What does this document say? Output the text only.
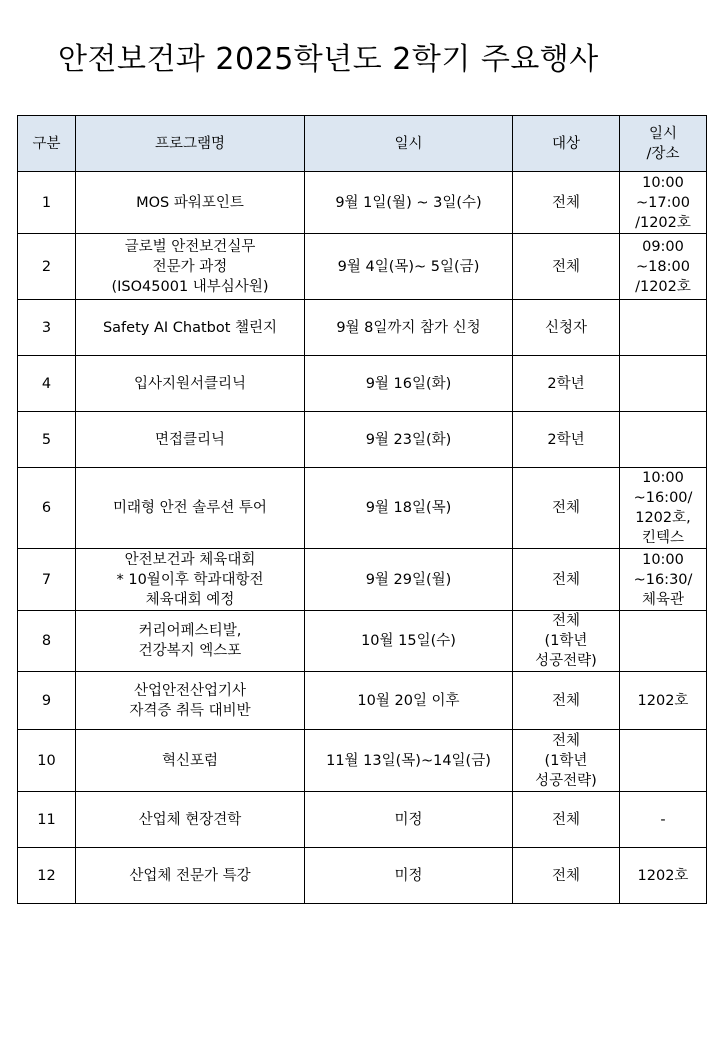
안전보건과 2025학년도 2학기 주요행사
구분	프로그램명	일시	대상	일시
/장소

1	MOS 파워포인트	9월 1일(월) ~ 3일(수)	전체	10:00
~17:00
/1202호

2	글로벌 안전보건실무
전문가 과정
(ISO45001 내부심사원)	9월 4일(목)~ 5일(금)	전체	09:00
~18:00
/1202호

3	Safety AI Chatbot 챌린지	9월 8일까지 참가 신청	신청자	

4	입사지원서클리닉	9월 16일(화)	2학년	

5	면접클리닉	9월 23일(화)	2학년	

6	미래형 안전 솔루션 투어	9월 18일(목)	전체	10:00
~16:00/
1202호,
킨텍스

7	안전보건과 체육대회
* 10월이후 학과대항전
체육대회 예정	9월 29일(월)	전체	10:00
~16:30/
체육관

8	커리어페스티발,
건강복지 엑스포	10월 15일(수)	전체
(1학년
성공전략)	

9	산업안전산업기사
자격증 취득 대비반	10월 20일 이후	전체	1202호

10	혁신포럼	11월 13일(목)~14일(금)	전체
(1학년
성공전략)	

11	산업체 현장견학	미정	전체	-

12	산업체 전문가 특강	미정	전체	1202호
